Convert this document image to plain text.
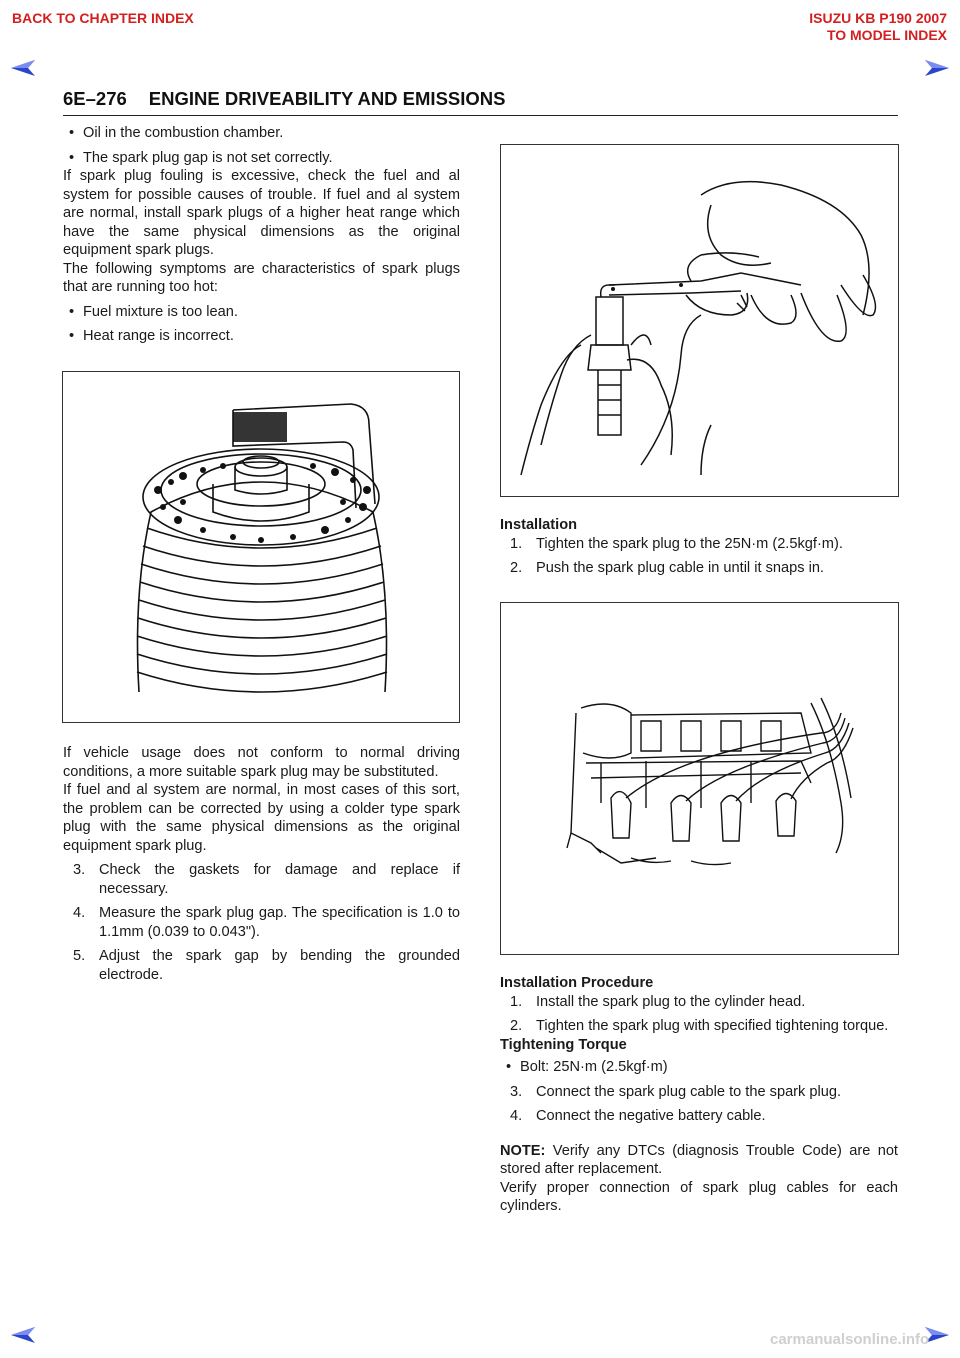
BACK TO CHAPTER INDEX	ISUZU KB P190 2007
TO MODEL INDEX
6E–276 ENGINE DRIVEABILITY AND EMISSIONS
• Oil in the combustion chamber.
• The spark plug gap is not set correctly.

If spark plug fouling is excessive, check the fuel and al system for possible causes of trouble. If fuel and al system are normal, install spark plugs of a higher heat range which have the same physical dimensions as the original equipment spark plugs.

The following symptoms are characteristics of spark plugs that are running too hot:

• Fuel mixture is too lean.
• Heat range is incorrect.

If vehicle usage does not conform to normal driving conditions, a more suitable spark plug may be substituted.

If fuel and al system are normal, in most cases of this sort, the problem can be corrected by using a colder type spark plug with the same physical dimensions as the original equipment spark plug.

3. Check the gaskets for damage and replace if necessary.
4. Measure the spark plug gap. The specification is 1.0 to 1.1mm (0.039 to 0.043").
5. Adjust the spark gap by bending the grounded electrode.

Installation

1. Tighten the spark plug to the 25N·m (2.5kgf·m).
2. Push the spark plug cable in until it snaps in.

Installation Procedure

1. Install the spark plug to the cylinder head.
2. Tighten the spark plug with specified tightening torque.

Tightening Torque

• Bolt: 25N·m (2.5kgf·m)
3. Connect the spark plug cable to the spark plug.
4. Connect the negative battery cable.

NOTE: Verify any DTCs (diagnosis Trouble Code) are not stored after replacement.

Verify proper connection of spark plug cables for each cylinders.

carmanualsonline.info
